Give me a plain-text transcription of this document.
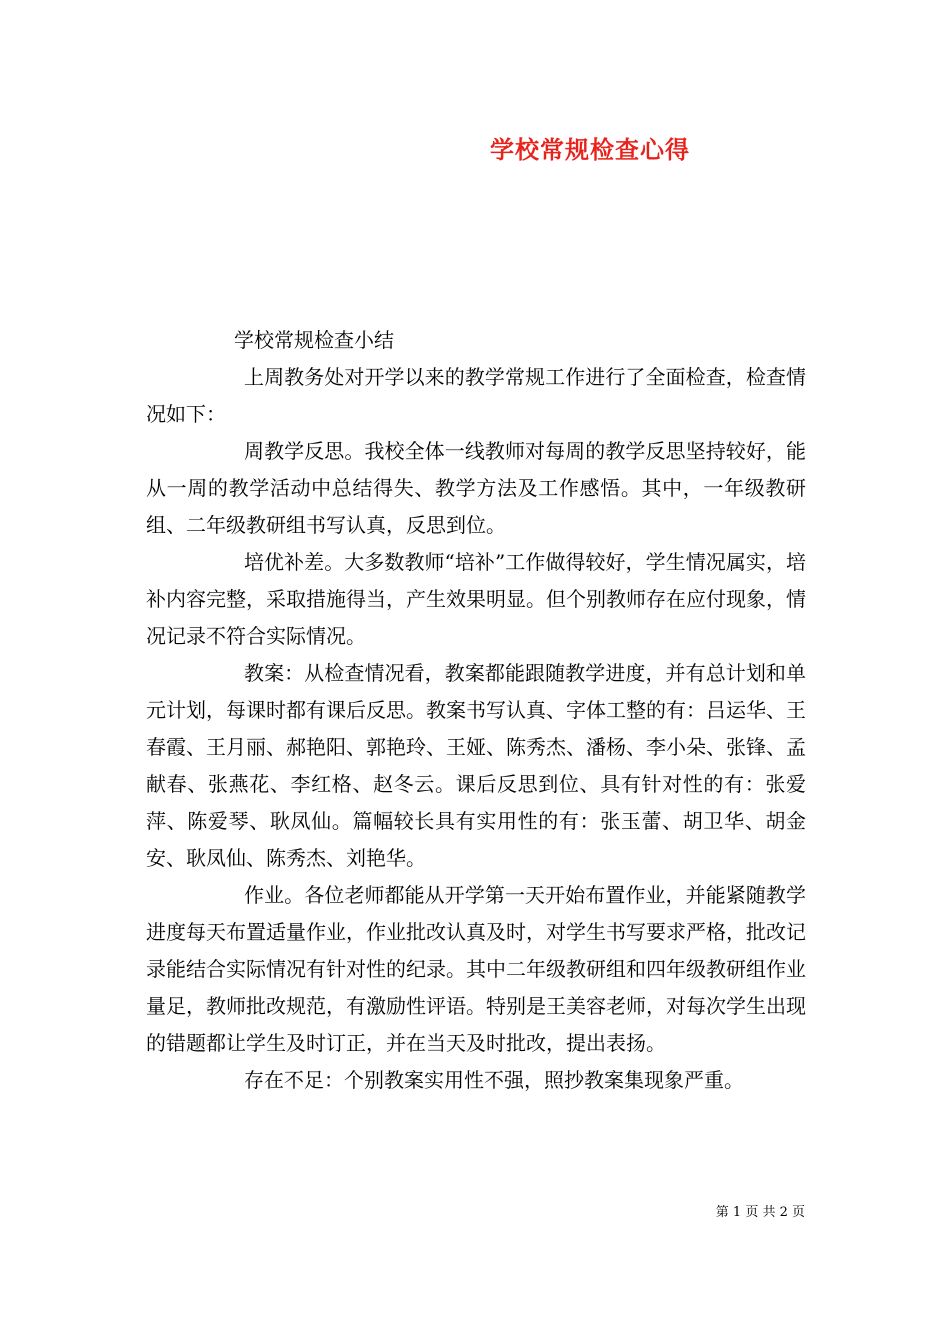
学校常规检查心得

学校常规检查小结

上周教务处对开学以来的教学常规工作进行了全面检查，检查情况如下：

周教学反思。我校全体一线教师对每周的教学反思坚持较好，能从一周的教学活动中总结得失、教学方法及工作感悟。其中，一年级教研组、二年级教研组书写认真，反思到位。

培优补差。大多数教师“培补”工作做得较好，学生情况属实，培补内容完整，采取措施得当，产生效果明显。但个别教师存在应付现象，情况记录不符合实际情况。

教案：从检查情况看，教案都能跟随教学进度，并有总计划和单元计划，每课时都有课后反思。教案书写认真、字体工整的有：吕运华、王春霞、王月丽、郝艳阳、郭艳玲、王娅、陈秀杰、潘杨、李小朵、张锋、孟献春、张燕花、李红格、赵冬云。课后反思到位、具有针对性的有：张爱萍、陈爱琴、耿凤仙。篇幅较长具有实用性的有：张玉蕾、胡卫华、胡金安、耿凤仙、陈秀杰、刘艳华。

作业。各位老师都能从开学第一天开始布置作业，并能紧随教学进度每天布置适量作业，作业批改认真及时，对学生书写要求严格，批改记录能结合实际情况有针对性的纪录。其中二年级教研组和四年级教研组作业量足，教师批改规范，有激励性评语。特别是王美容老师，对每次学生出现的错题都让学生及时订正，并在当天及时批改，提出表扬。

存在不足：个别教案实用性不强，照抄教案集现象严重。

第 1 页 共 2 页
